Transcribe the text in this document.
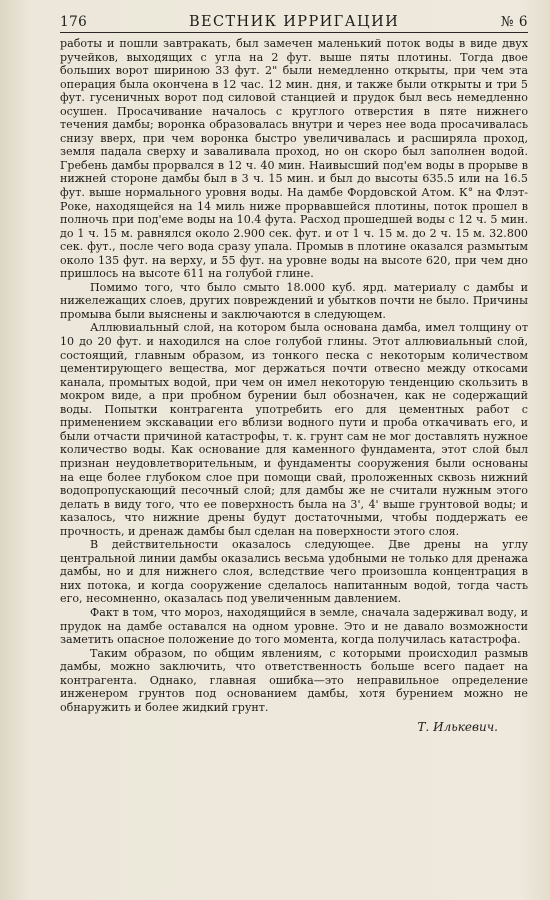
176	ВЕСТНИК ИРРИГАЦИИ	№ 6

работы и пошли завтракать, был замечен маленький поток воды в виде двух ручейков, выходящих с угла на 2 фут. выше пяты плотины. Тогда двое больших ворот шириною 33 фут. 2" были немедленно открыты, при чем эта операция была окончена в 12 час. 12 мин. дня, и также были открыты и три 5 фут. гусеничных ворот под силовой станцией и прудок был весь немедленно осушен. Просачивание началось с круглого отверстия в пяте нижнего течения дамбы; воронка образовалась внутри и через нее вода просачивалась снизу вверх, при чем воронка быстро увеличивалась и расширяла проход, земля падала сверху и заваливала проход, но он скоро был заполнен водой. Гребень дамбы прорвался в 12 ч. 40 мин. Наивысший под'ем воды в прорыве в нижней стороне дамбы был в 3 ч. 15 мин. и был до высоты 635.5 или на 16.5 фут. выше нормального уровня воды. На дамбе Фордовской Атом. К° на Флэт-Роке, находящейся на 14 миль ниже прорвавшейся плотины, поток прошел в полночь при под'еме воды на 10.4 фута. Расход прошедшей воды с 12 ч. 5 мин. до 1 ч. 15 м. равнялся около 2.900 сек. фут. и от 1 ч. 15 м. до 2 ч. 15 м. 32.800 сек. фут., после чего вода сразу упала. Промыв в плотине оказался размытым около 135 фут. на верху, и 55 фут. на уровне воды на высоте 620, при чем дно пришлось на высоте 611 на голубой глине.

Помимо того, что было смыто 18.000 куб. ярд. материалу с дамбы и нижележащих слоев, других повреждений и убытков почти не было. Причины промыва были выяснены и заключаются в следующем.

Аллювиальный слой, на котором была основана дамба, имел толщину от 10 до 20 фут. и находился на слое голубой глины. Этот аллювиальный слой, состоящий, главным образом, из тонкого песка с некоторым количеством цементирующего вещества, мог держаться почти отвесно между откосами канала, промытых водой, при чем он имел некоторую тенденцию скользить в мокром виде, а при пробном бурении был обозначен, как не содержащий воды. Попытки контрагента употребить его для цементных работ с применением экскавации его вблизи водного пути и проба откачивать его, и были отчасти причиной катастрофы, т. к. грунт сам не мог доставлять нужное количество воды. Как основание для каменного фундамента, этот слой был признан неудовлетворительным, и фундаменты сооружения были основаны на еще более глубоком слое при помощи свай, проложенных сквозь нижний водопропускающий песочный слой; для дамбы же не считали нужным этого делать в виду того, что ее поверхность была на 3', 4' выше грунтовой воды; и казалось, что нижние дрены будут достаточными, чтобы поддержать ее прочность, и дренаж дамбы был сделан на поверхности этого слоя.

В действительности оказалось следующее. Две дрены на углу центральной линии дамбы оказались весьма удобными не только для дренажа дамбы, но и для нижнего слоя, вследствие чего произошла концентрация в них потока, и когда сооружение сделалось напитанным водой, тогда часть его, несомненно, оказалась под увеличенным давлением.

Факт в том, что мороз, находящийся в земле, сначала задерживал воду, и прудок на дамбе оставался на одном уровне. Это и не давало возможности заметить опасное положение до того момента, когда получилась катастрофа.

Таким образом, по общим явлениям, с которыми происходил размыв дамбы, можно заключить, что ответственность больше всего падает на контрагента. Однако, главная ошибка—это неправильное определение инженером грунтов под основанием дамбы, хотя бурением можно не обнаружить и более жидкий грунт.

Т. Илькевич.
